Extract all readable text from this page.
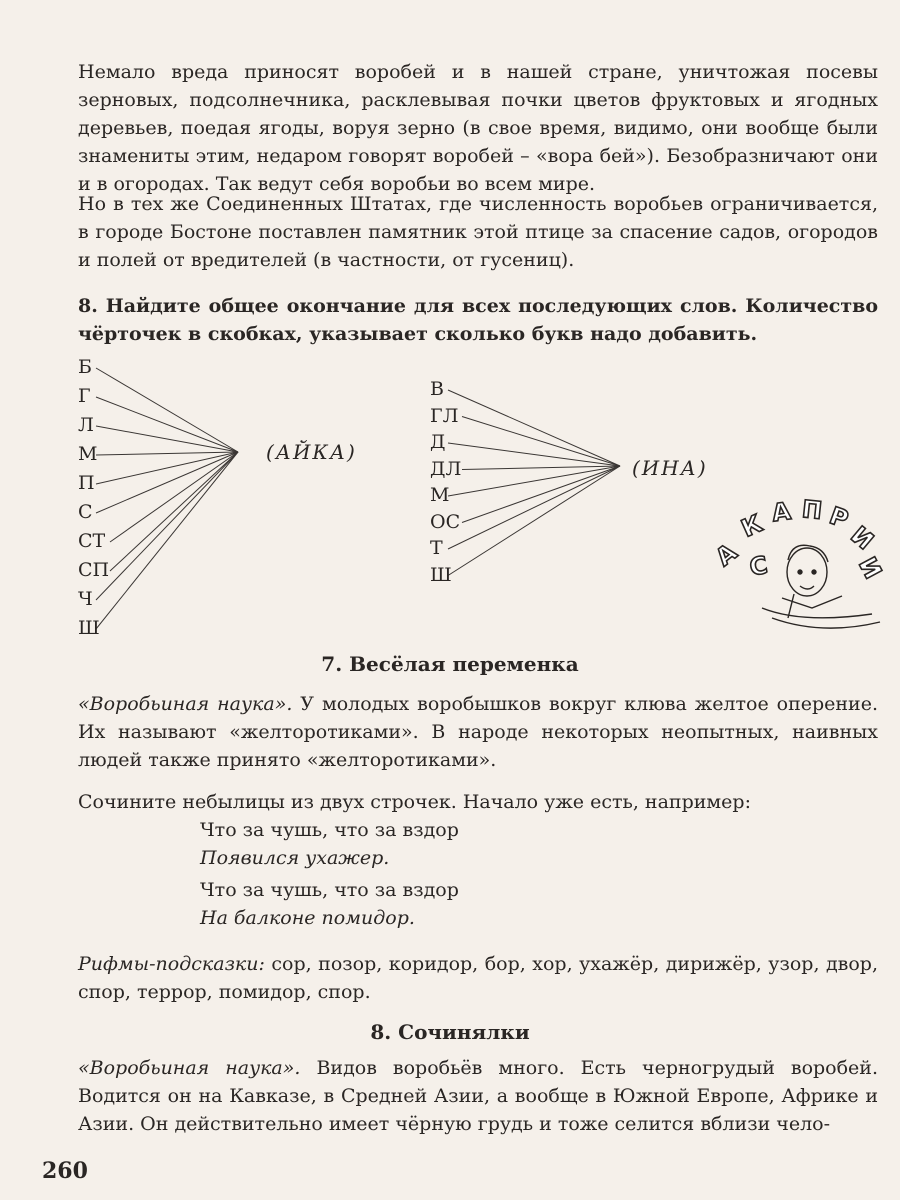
Немало вреда приносят воробей и в нашей стране, уничтожая посевы зерновых, подсолнечника, расклевывая почки цветов фруктовых и ягодных деревьев, поедая ягоды, воруя зерно (в свое время, видимо, они вообще были знамениты этим, недаром говорят воробей – «вора бей»). Безобразничают они и в огородах. Так ведут себя воробьи во всем мире.

Но в тех же Соединенных Штатах, где численность воробьев ограничивается, в городе Бостоне поставлен памятник этой птице за спасение садов, огородов и полей от вредителей (в частности, от гусениц).

8. Найдите общее окончание для всех последующих слов. Количество чёрточек в скобках, указывает сколько букв надо добавить.

Б
Г
Л
М
П
С
СТ
СП
Ч
Ш
(АЙКА)
В
ГЛ
Д
ДЛ
М
ОС
Т
Ш
(ИНА)
А
К А П Р
И
И
С
7. Весёлая переменка

«Воробьиная наука». У молодых воробышков вокруг клюва желтое оперение. Их называют «желторотиками». В народе некоторых неопытных, наивных людей также принято «желторотиками».

Сочините небылицы из двух строчек. Начало уже есть, например:

Что за чушь, что за вздор

Появился ухажер.

Что за чушь, что за вздор

На балконе помидор.

Рифмы-подсказки: сор, позор, коридор, бор, хор, ухажёр, дирижёр, узор, двор, спор, террор, помидор, спор.

8. Сочинялки

«Воробьиная наука». Видов воробьёв много. Есть черногрудый воробей. Водится он на Кавказе, в Средней Азии, а вообще в Южной Европе, Африке и Азии. Он действительно имеет чёрную грудь и тоже селится вблизи чело-

260
